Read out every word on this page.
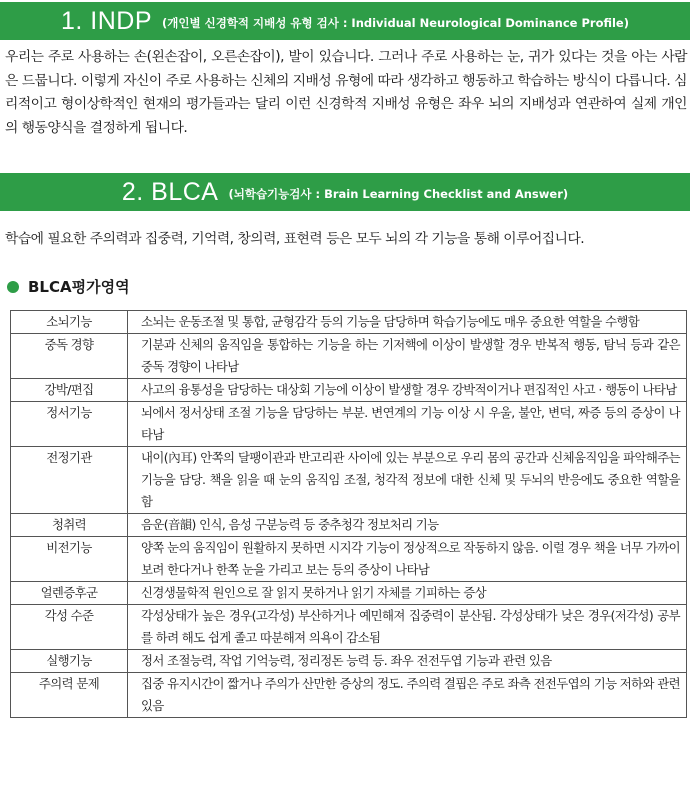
1. INDP (개인별 신경학적 지배성 유형 검사 : Individual Neurological Dominance Profile)

우리는 주로 사용하는 손(왼손잡이, 오른손잡이), 발이 있습니다. 그러나 주로 사용하는 눈, 귀가 있다는 것을 아는 사람은 드뭅니다. 이렇게 자신이 주로 사용하는 신체의 지배성 유형에 따라 생각하고 행동하고 학습하는 방식이 다릅니다. 심리적이고 형이상학적인 현재의 평가들과는 달리 이런 신경학적 지배성 유형은 좌우 뇌의 지배성과 연관하여 실제 개인의 행동양식을 결정하게 됩니다.

2. BLCA (뇌학습기능검사 : Brain Learning Checklist and Answer)

학습에 필요한 주의력과 집중력, 기억력, 창의력, 표현력 등은 모두 뇌의 각 기능을 통해 이루어집니다.

BLCA평가영역
소뇌기능	소뇌는 운동조절 및 통합, 균형감각 등의 기능을 담당하며 학습기능에도 매우 중요한 역할을 수행함
중독 경향	기분과 신체의 움직임을 통합하는 기능을 하는 기저핵에 이상이 발생할 경우 반복적 행동, 탐닉 등과 같은 중독 경향이 나타남
강박/편집	사고의 융통성을 담당하는 대상회 기능에 이상이 발생할 경우 강박적이거나 편집적인 사고 · 행동이 나타남
정서기능	뇌에서 정서상태 조절 기능을 담당하는 부분. 변연계의 기능 이상 시 우울, 불안, 변덕, 짜증 등의 증상이 나타남
전정기관	내이(內耳) 안쪽의 달팽이관과 반고리관 사이에 있는 부분으로 우리 몸의 공간과 신체움직임을 파악해주는 기능을 담당. 책을 읽을 때 눈의 움직임 조절, 청각적 정보에 대한 신체 및 두뇌의 반응에도 중요한 역할을 함
청취력	음운(音韻) 인식, 음성 구분능력 등 중추청각 정보처리 기능
비전기능	양쪽 눈의 움직임이 원활하지 못하면 시지각 기능이 정상적으로 작동하지 않음. 이럴 경우 책을 너무 가까이 보려 한다거나 한쪽 눈을 가리고 보는 등의 증상이 나타남
얼렌증후군	신경생물학적 원인으로 잘 읽지 못하거나 읽기 자체를 기피하는 증상
각성 수준	각성상태가 높은 경우(고각성) 부산하거나 예민해져 집중력이 분산됨. 각성상태가 낮은 경우(저각성) 공부를 하려 해도 쉽게 졸고 따분해져 의욕이 감소됨
실행기능	정서 조절능력, 작업 기억능력, 정리정돈 능력 등. 좌우 전전두엽 기능과 관련 있음
주의력 문제	집중 유지시간이 짧거나 주의가 산만한 증상의 정도. 주의력 결핍은 주로 좌측 전전두엽의 기능 저하와 관련 있음
